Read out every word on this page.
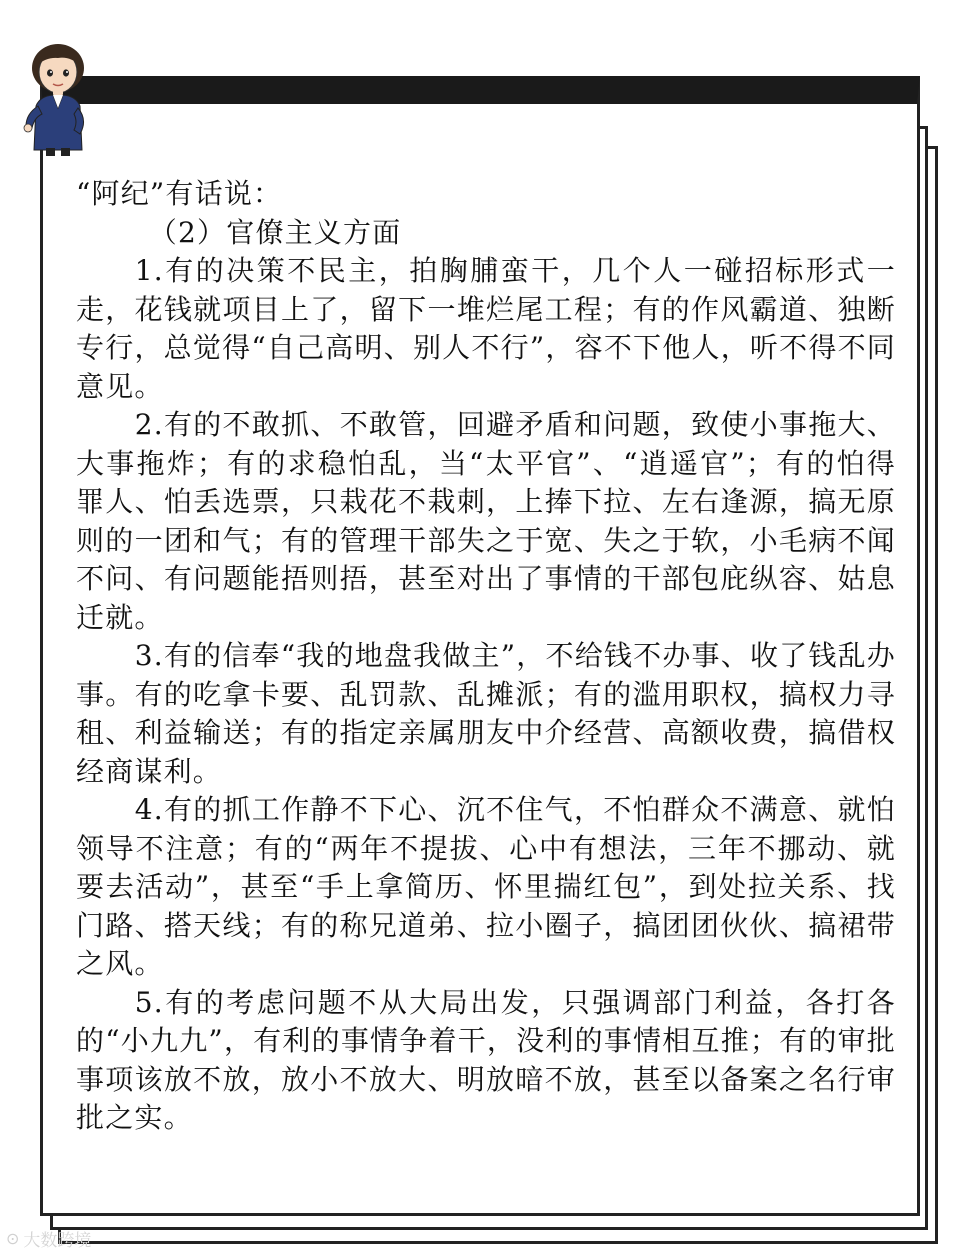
“阿纪”有话说：

（2）官僚主义方面

1.有的决策不民主，拍胸脯蛮干，几个人一碰招标形式一走，花钱就项目上了，留下一堆烂尾工程；有的作风霸道、独断专行，总觉得“自己高明、别人不行”，容不下他人，听不得不同意见。

2.有的不敢抓、不敢管，回避矛盾和问题，致使小事拖大、大事拖炸；有的求稳怕乱，当“太平官”、“逍遥官”；有的怕得罪人、怕丢选票，只栽花不栽刺，上捧下拉、左右逢源，搞无原则的一团和气；有的管理干部失之于宽、失之于软，小毛病不闻不问、有问题能捂则捂，甚至对出了事情的干部包庇纵容、姑息迁就。

3.有的信奉“我的地盘我做主”，不给钱不办事、收了钱乱办事。有的吃拿卡要、乱罚款、乱摊派；有的滥用职权，搞权力寻租、利益输送；有的指定亲属朋友中介经营、高额收费，搞借权经商谋利。

4.有的抓工作静不下心、沉不住气，不怕群众不满意、就怕领导不注意；有的“两年不提拔、心中有想法，三年不挪动、就要去活动”，甚至“手上拿简历、怀里揣红包”，到处拉关系、找门路、搭天线；有的称兄道弟、拉小圈子，搞团团伙伙、搞裙带之风。

5.有的考虑问题不从大局出发，只强调部门利益，各打各的“小九九”，有利的事情争着干，没利的事情相互推；有的审批事项该放不放，放小不放大、明放暗不放，甚至以备案之名行审批之实。

⊙ 大数跨境
